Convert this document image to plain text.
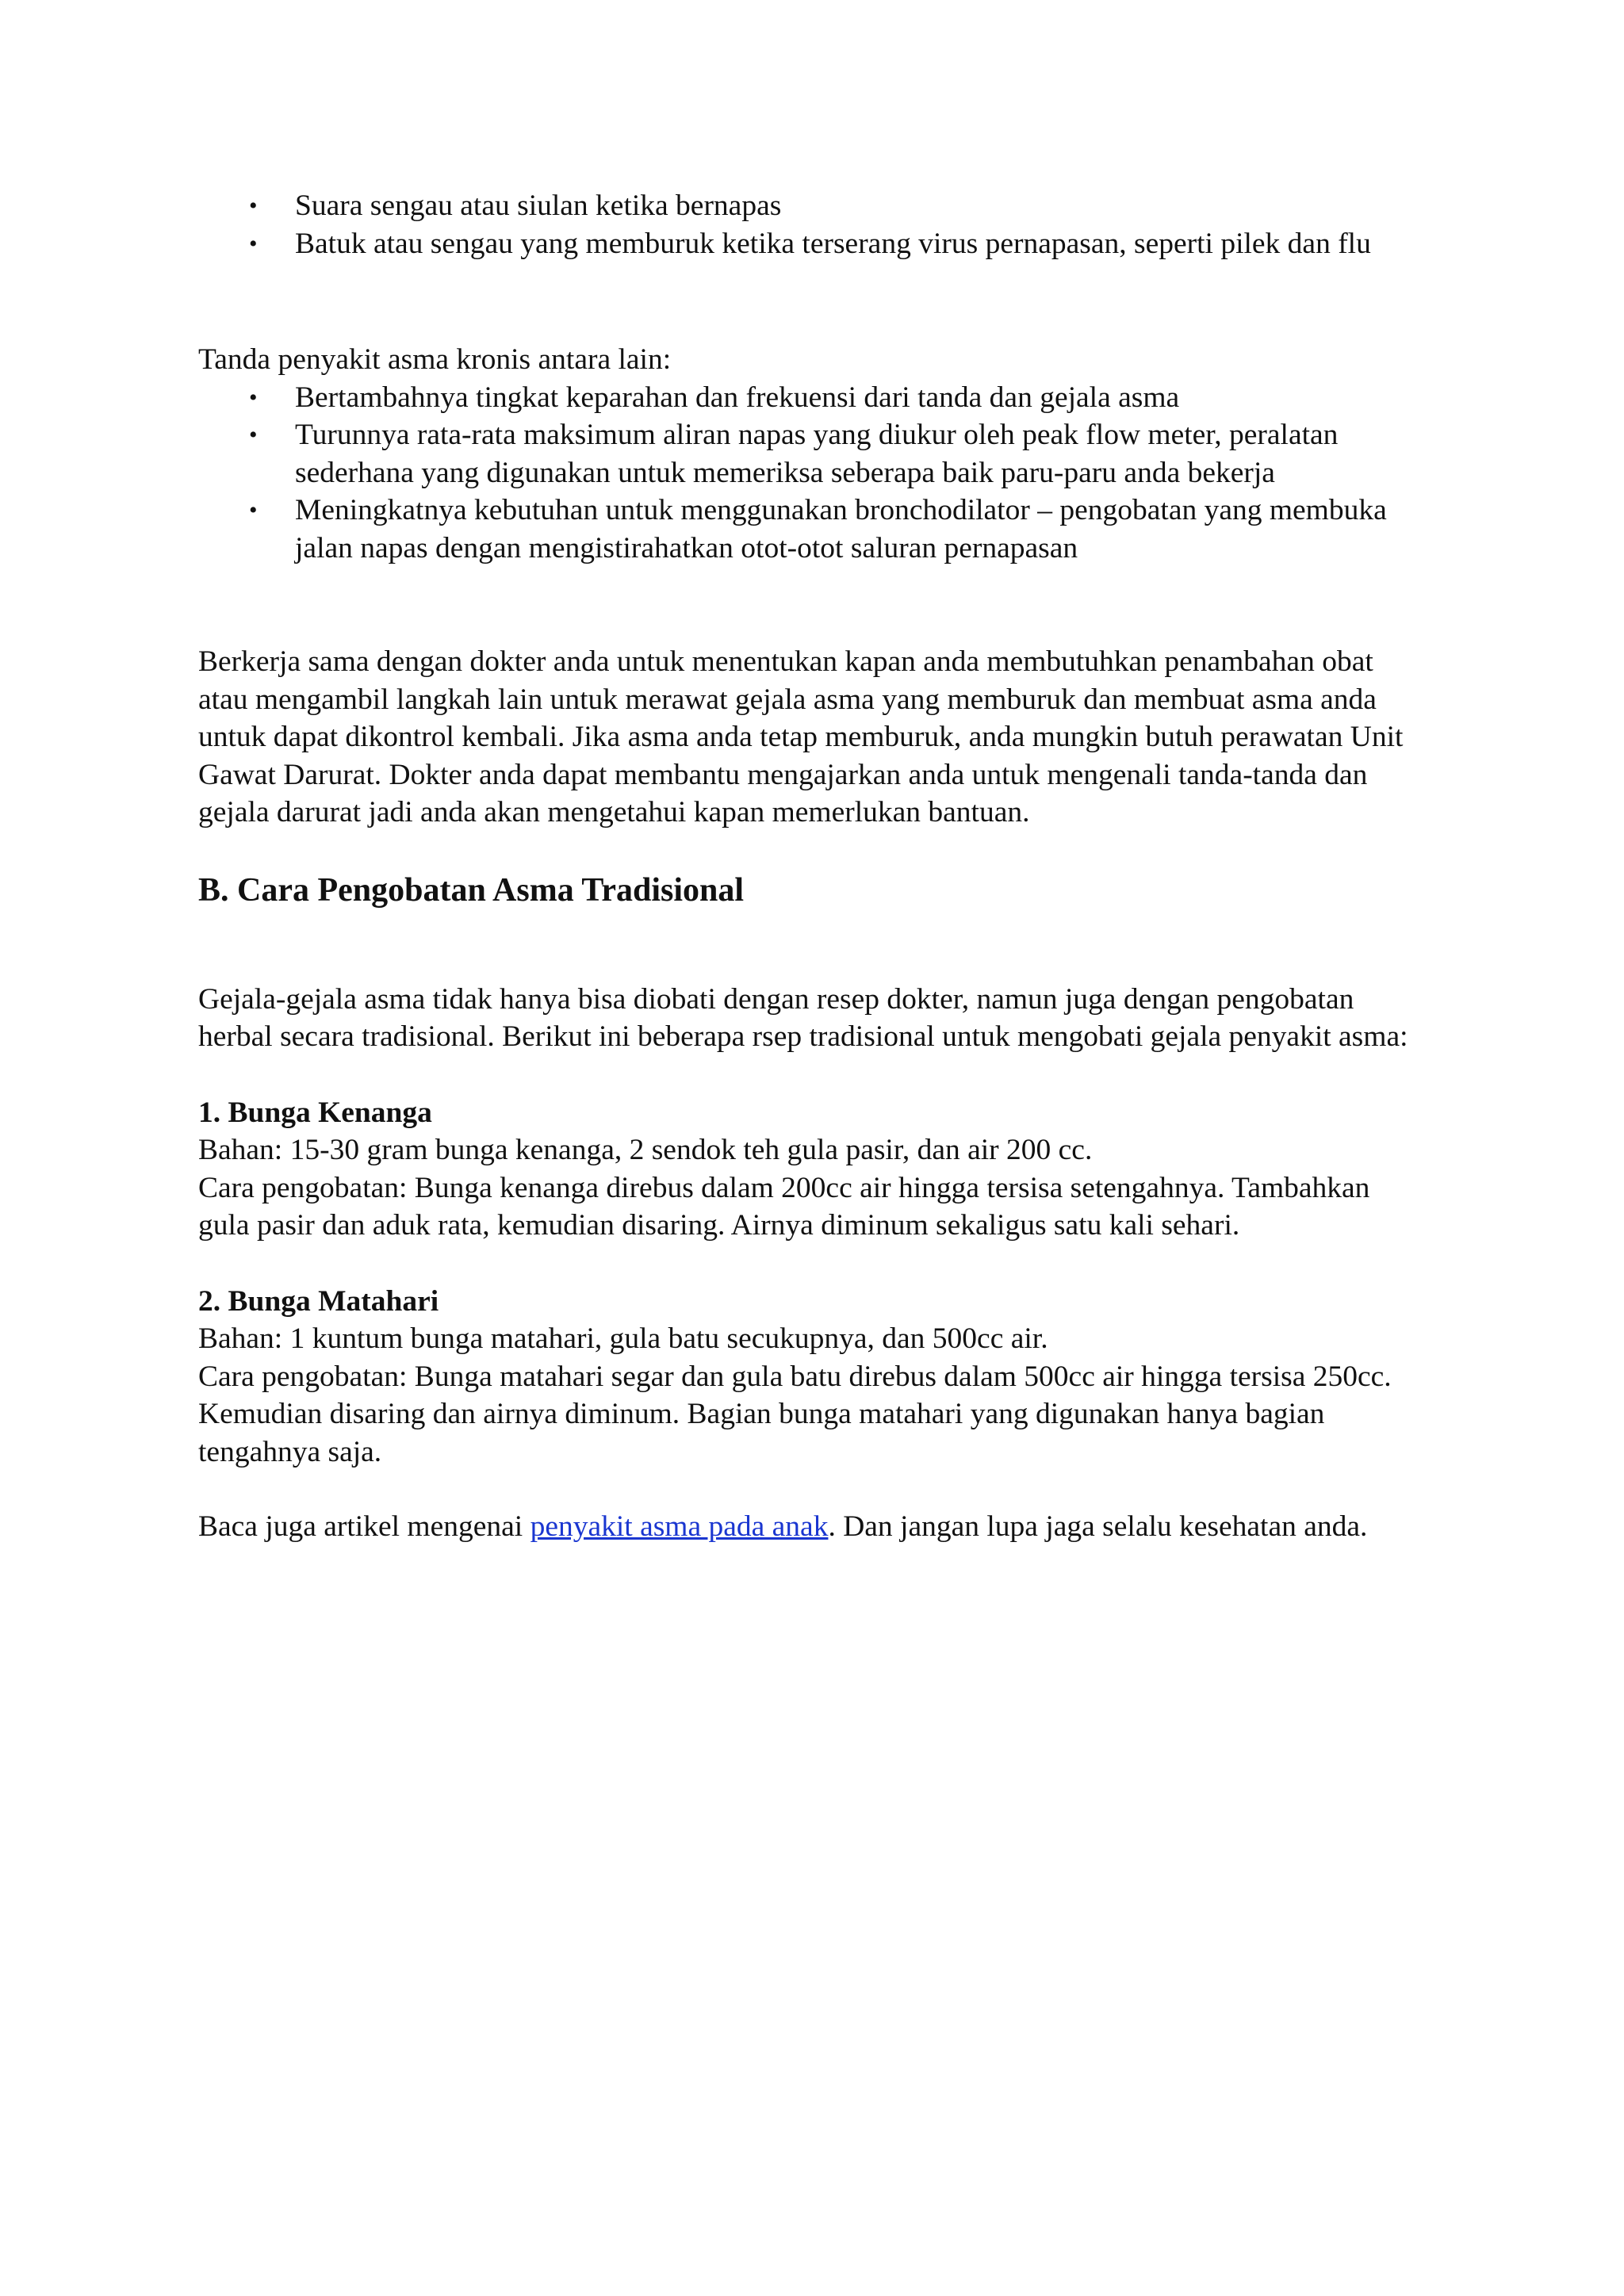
• Suara sengau atau siulan ketika bernapas
• Batuk atau sengau yang memburuk ketika terserang virus pernapasan, seperti pilek dan flu

Tanda penyakit asma kronis antara lain:

• Bertambahnya tingkat keparahan dan frekuensi dari tanda dan gejala asma
• Turunnya rata-rata maksimum aliran napas yang diukur oleh peak flow meter, peralatan sederhana yang digunakan untuk memeriksa seberapa baik paru-paru anda bekerja
• Meningkatnya kebutuhan untuk menggunakan bronchodilator – pengobatan yang membuka jalan napas dengan mengistirahatkan otot-otot saluran pernapasan

Berkerja sama dengan dokter anda untuk menentukan kapan anda membutuhkan penambahan obat atau mengambil langkah lain untuk merawat gejala asma yang memburuk dan membuat asma anda untuk dapat dikontrol kembali. Jika asma anda tetap memburuk, anda mungkin butuh perawatan Unit Gawat Darurat. Dokter anda dapat membantu mengajarkan anda untuk mengenali tanda-tanda dan gejala darurat jadi anda akan mengetahui kapan memerlukan bantuan.

B. Cara Pengobatan Asma Tradisional

Gejala-gejala asma tidak hanya bisa diobati dengan resep dokter, namun juga dengan pengobatan herbal secara tradisional. Berikut ini beberapa rsep tradisional untuk mengobati gejala penyakit asma:

1. Bunga Kenanga
Bahan: 15-30 gram bunga kenanga, 2 sendok teh gula pasir, dan air 200 cc.
Cara pengobatan: Bunga kenanga direbus dalam 200cc air hingga tersisa setengahnya. Tambahkan gula pasir dan aduk rata, kemudian disaring. Airnya diminum sekaligus satu kali sehari.
2. Bunga Matahari
Bahan: 1 kuntum bunga matahari, gula batu secukupnya, dan 500cc air.
Cara pengobatan: Bunga matahari segar dan gula batu direbus dalam 500cc air hingga tersisa 250cc. Kemudian disaring dan airnya diminum. Bagian bunga matahari yang digunakan hanya bagian tengahnya saja.

Baca juga artikel mengenai penyakit asma pada anak. Dan jangan lupa jaga selalu kesehatan anda.
